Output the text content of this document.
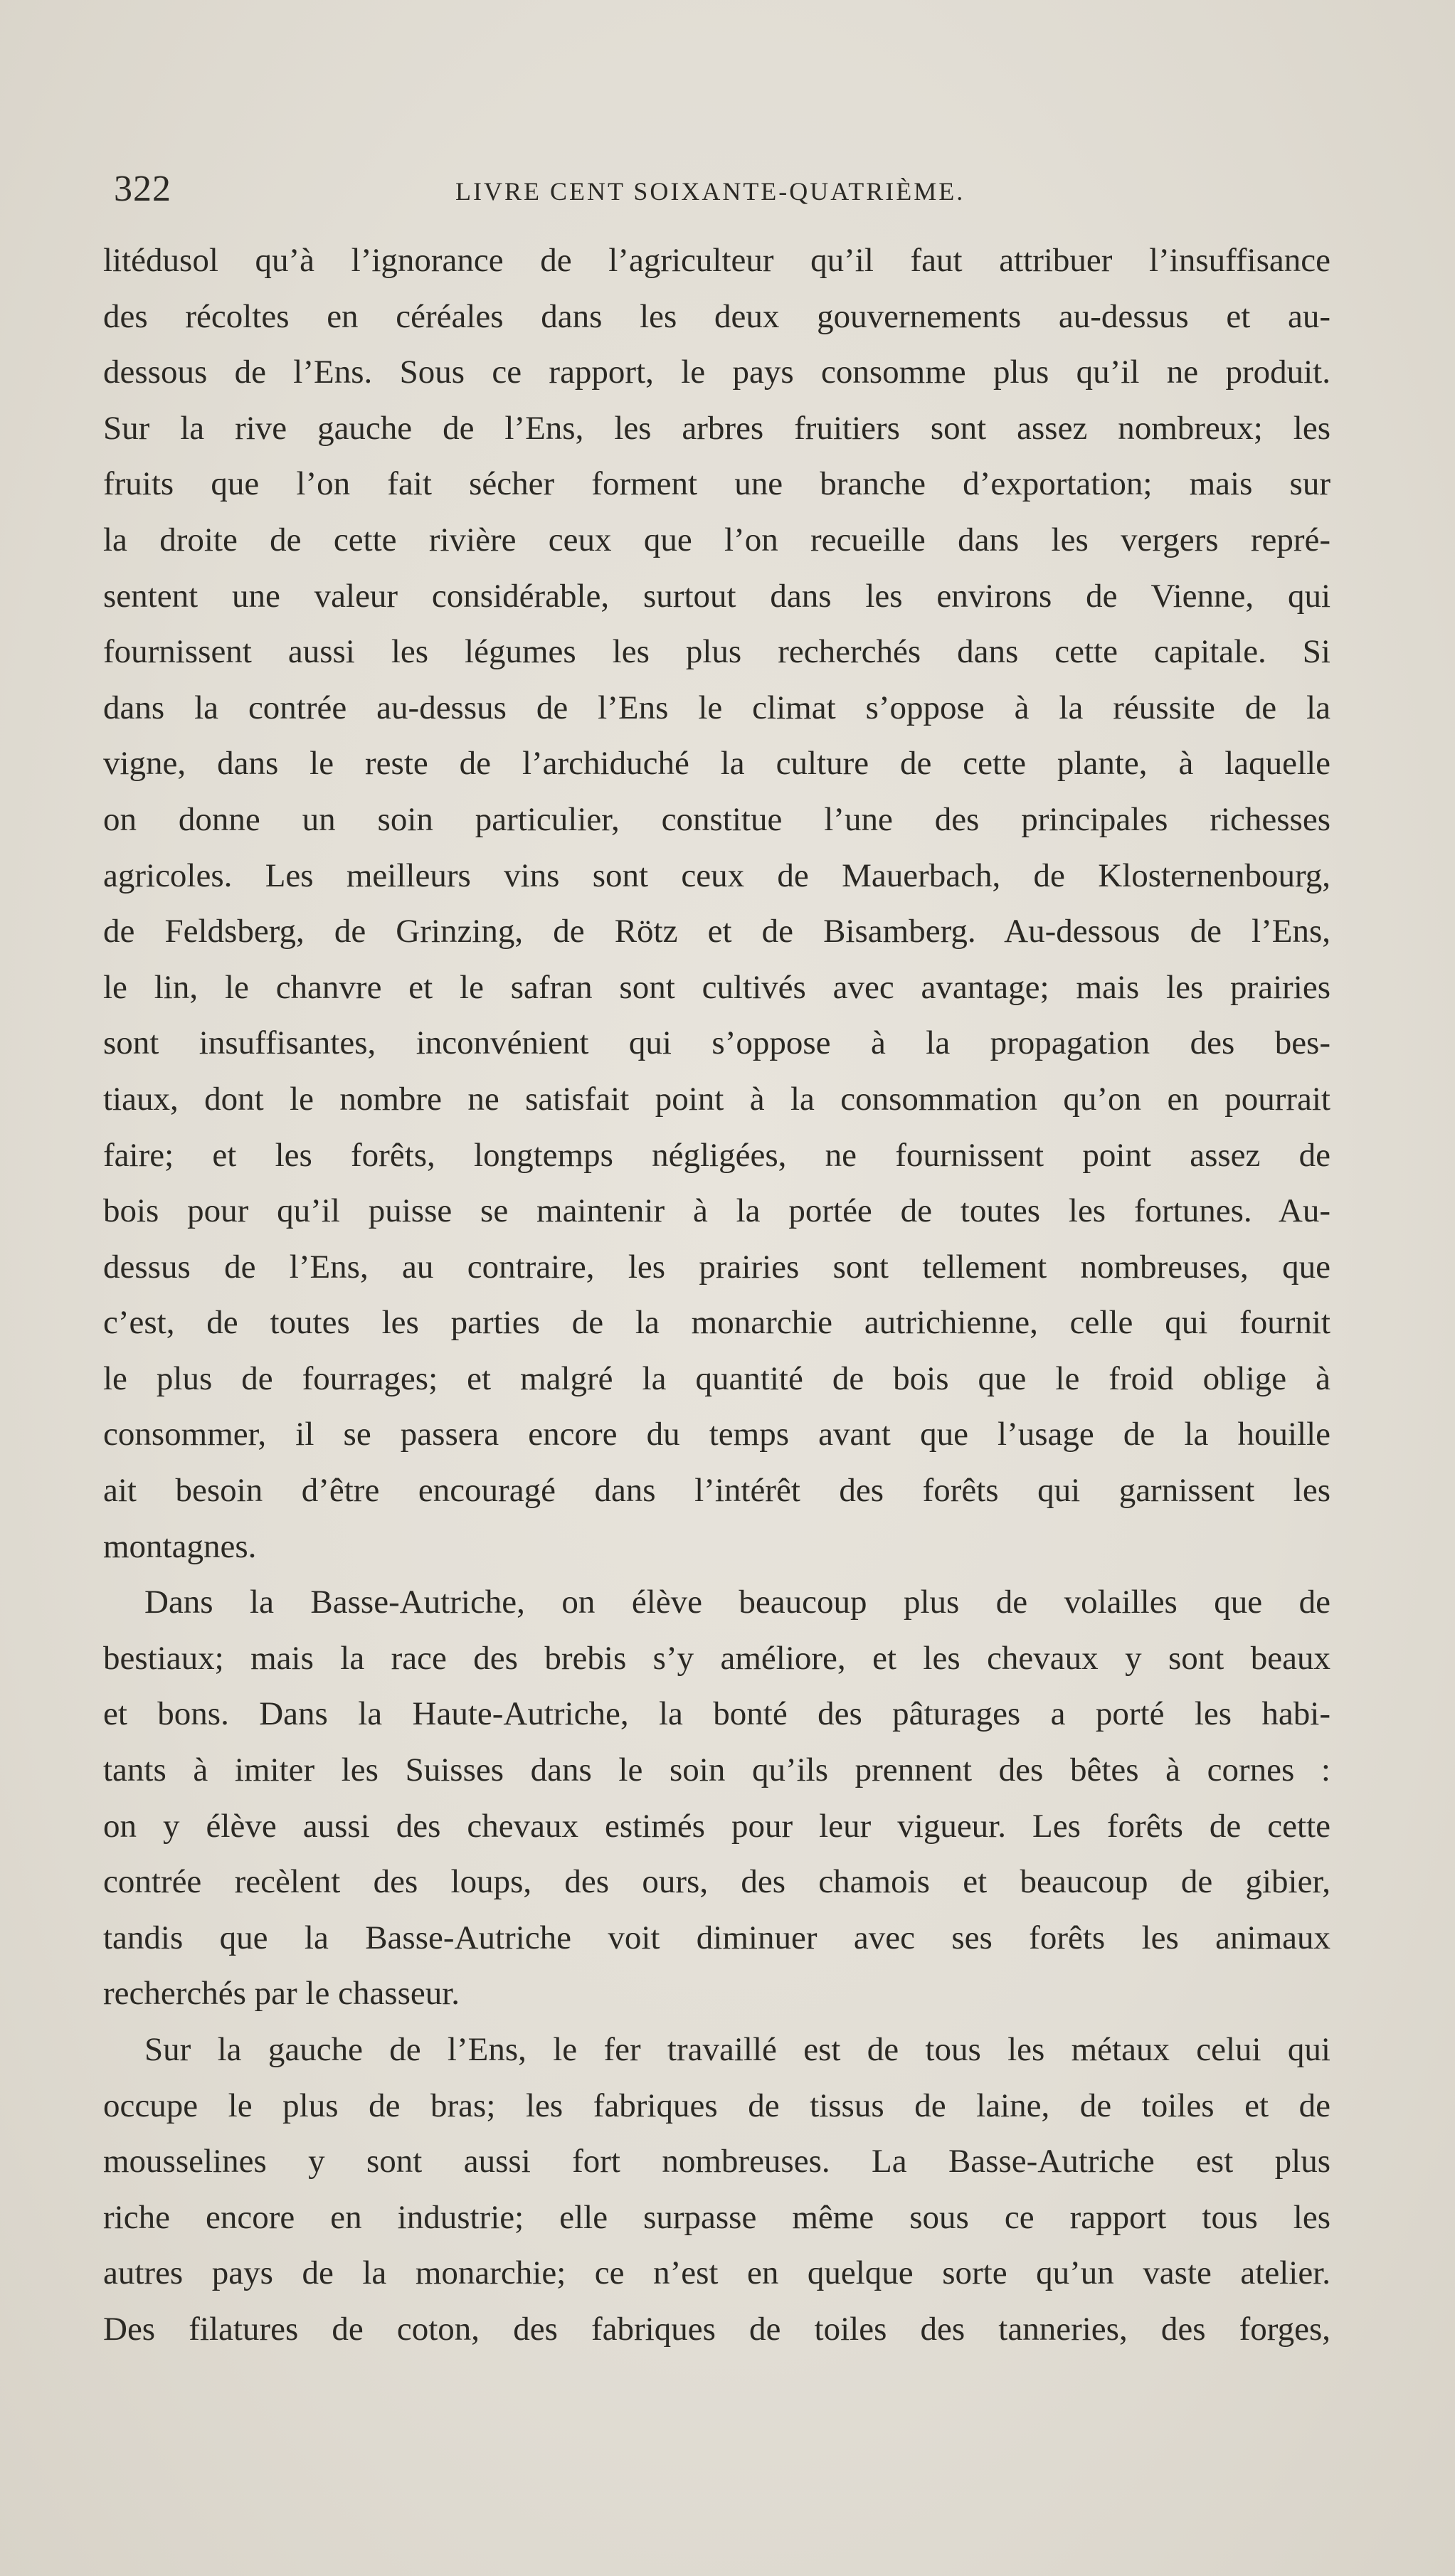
322	LIVRE CENT SOIXANTE-QUATRIÈME.
litédusol qu’à l’ignorance de l’agriculteur qu’il faut attribuer l’insuffisance
des récoltes en céréales dans les deux gouvernements au-dessus et au-
dessous de l’Ens. Sous ce rapport, le pays consomme plus qu’il ne produit.
Sur la rive gauche de l’Ens, les arbres fruitiers sont assez nombreux; les
fruits que l’on fait sécher forment une branche d’exportation; mais sur
la droite de cette rivière ceux que l’on recueille dans les vergers repré-
sentent une valeur considérable, surtout dans les environs de Vienne, qui
fournissent aussi les légumes les plus recherchés dans cette capitale. Si
dans la contrée au-dessus de l’Ens le climat s’oppose à la réussite de la
vigne, dans le reste de l’archiduché la culture de cette plante, à laquelle
on donne un soin particulier, constitue l’une des principales richesses
agricoles. Les meilleurs vins sont ceux de Mauerbach, de Klosternenbourg,
de Feldsberg, de Grinzing, de Rötz et de Bisamberg. Au-dessous de l’Ens,
le lin, le chanvre et le safran sont cultivés avec avantage; mais les prairies
sont insuffisantes, inconvénient qui s’oppose à la propagation des bes-
tiaux, dont le nombre ne satisfait point à la consommation qu’on en pourrait
faire; et les forêts, longtemps négligées, ne fournissent point assez de
bois pour qu’il puisse se maintenir à la portée de toutes les fortunes. Au-
dessus de l’Ens, au contraire, les prairies sont tellement nombreuses, que
c’est, de toutes les parties de la monarchie autrichienne, celle qui fournit
le plus de fourrages; et malgré la quantité de bois que le froid oblige à
consommer, il se passera encore du temps avant que l’usage de la houille
ait besoin d’être encouragé dans l’intérêt des forêts qui garnissent les
montagnes.
Dans la Basse-Autriche, on élève beaucoup plus de volailles que de
bestiaux; mais la race des brebis s’y améliore, et les chevaux y sont beaux
et bons. Dans la Haute-Autriche, la bonté des pâturages a porté les habi-
tants à imiter les Suisses dans le soin qu’ils prennent des bêtes à cornes :
on y élève aussi des chevaux estimés pour leur vigueur. Les forêts de cette
contrée recèlent des loups, des ours, des chamois et beaucoup de gibier,
tandis que la Basse-Autriche voit diminuer avec ses forêts les animaux
recherchés par le chasseur.
Sur la gauche de l’Ens, le fer travaillé est de tous les métaux celui qui
occupe le plus de bras; les fabriques de tissus de laine, de toiles et de
mousselines y sont aussi fort nombreuses. La Basse-Autriche est plus
riche encore en industrie; elle surpasse même sous ce rapport tous les
autres pays de la monarchie; ce n’est en quelque sorte qu’un vaste atelier.
Des filatures de coton, des fabriques de toiles des tanneries, des forges,
